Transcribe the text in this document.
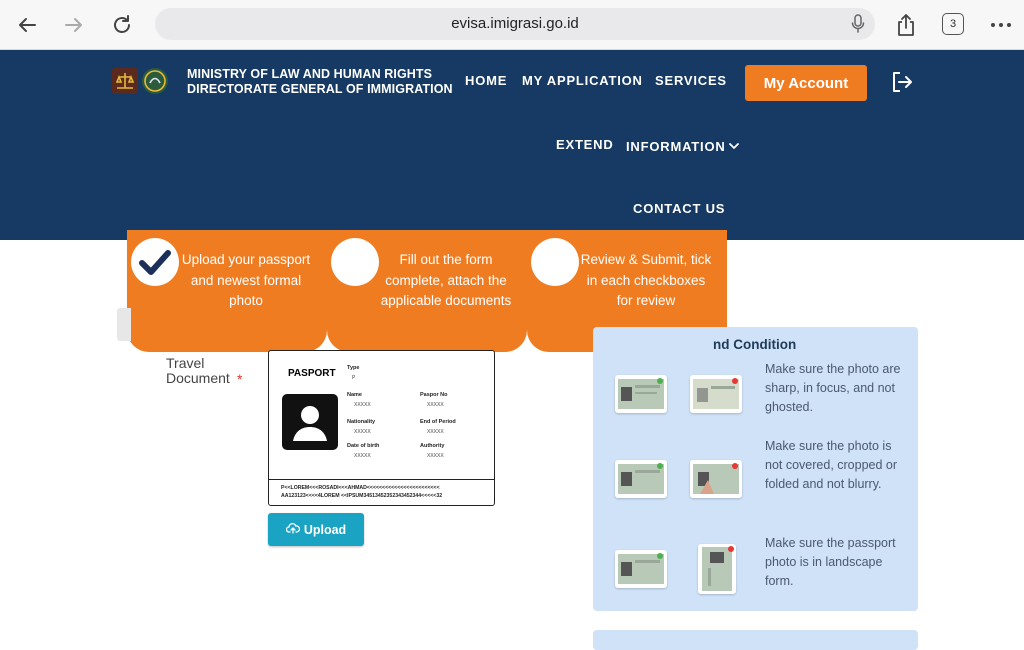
evisa.imigrasi.go.id	3
MINISTRY OF LAW AND HUMAN RIGHTS
DIRECTORATE GENERAL OF IMMIGRATION
HOME MY APPLICATION SERVICES	My Account
EXTEND INFORMATION
CONTACT US
Upload your passport and newest formal photo
Fill out the form complete, attach the applicable documents
Review & Submit, tick in each checkboxes for review
Travel Document *	PASPORT Type
P
Name
XXXXX
Paspor No
XXXXX
Nationality
XXXXX
End of Period
XXXXX
Date of birth
XXXXX
Authority
XXXXX
P<<LOREM<<<ROSADI<<<AHMAD<<<<<<<<<<<<<<<<<<<<<<<<
AA123123<<<<4LOREM <<IPSUM34513452352343452344<<<<<32
Upload
nd Condition
Make sure the photo are sharp, in focus, and not ghosted.
Make sure the photo is not covered, cropped or folded and not blurry.
Make sure the passport photo is in landscape form.
